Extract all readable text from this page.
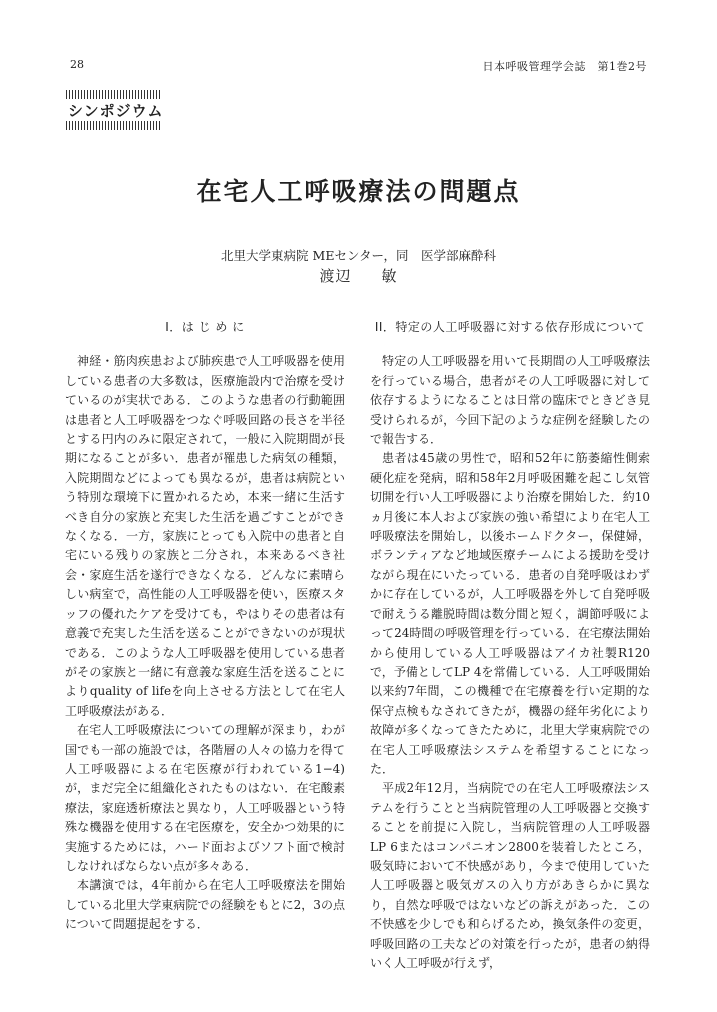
28	日本呼吸管理学会誌　第1巻2号
シンポジウム
在宅人工呼吸療法の問題点
北里大学東病院 MEセンター，同　医学部麻酔科
渡辺 敏
I．は じ め に

神経・筋肉疾患および肺疾患で人工呼吸器を使用している患者の大多数は，医療施設内で治療を受けているのが実状である．このような患者の行動範囲は患者と人工呼吸器をつなぐ呼吸回路の長さを半径とする円内のみに限定されて，一般に入院期間が長期になることが多い．患者が罹患した病気の種類，入院期間などによっても異なるが，患者は病院という特別な環境下に置かれるため，本来一緒に生活すべき自分の家族と充実した生活を過ごすことができなくなる．一方，家族にとっても入院中の患者と自宅にいる残りの家族と二分され，本来あるべき社会・家庭生活を遂行できなくなる．どんなに素晴らしい病室で，高性能の人工呼吸器を使い，医療スタッフの優れたケアを受けても，やはりその患者は有意義で充実した生活を送ることができないのが現状である．このような人工呼吸器を使用している患者がその家族と一緒に有意義な家庭生活を送ることによりquality of lifeを向上させる方法として在宅人工呼吸療法がある．

在宅人工呼吸療法についての理解が深まり，わが国でも一部の施設では，各階層の人々の協力を得て人工呼吸器による在宅医療が行われている1−4)が，まだ完全に組織化されたものはない．在宅酸素療法，家庭透析療法と異なり，人工呼吸器という特殊な機器を使用する在宅医療を，安全かつ効果的に実施するためには，ハード面およびソフト面で検討しなければならない点が多々ある．

本講演では，4年前から在宅人工呼吸療法を開始している北里大学東病院での経験をもとに2，3の点について問題提起をする．

II．特定の人工呼吸器に対する依存形成について

特定の人工呼吸器を用いて長期間の人工呼吸療法を行っている場合，患者がその人工呼吸器に対して依存するようになることは日常の臨床でときどき見受けられるが，今回下記のような症例を経験したので報告する．

患者は45歳の男性で，昭和52年に筋萎縮性側索硬化症を発病，昭和58年2月呼吸困難を起こし気管切開を行い人工呼吸器により治療を開始した．約10ヵ月後に本人および家族の強い希望により在宅人工呼吸療法を開始し，以後ホームドクター，保健婦，ボランティアなど地域医療チームによる援助を受けながら現在にいたっている．患者の自発呼吸はわずかに存在しているが，人工呼吸器を外して自発呼吸で耐えうる離脱時間は数分間と短く，調節呼吸によって24時間の呼吸管理を行っている．在宅療法開始から使用している人工呼吸器はアイカ社製R120で，予備としてLP 4を常備している．人工呼吸開始以来約7年間，この機種で在宅療養を行い定期的な保守点検もなされてきたが，機器の経年劣化により故障が多くなってきたために，北里大学東病院での在宅人工呼吸療法システムを希望することになった．

平成2年12月，当病院での在宅人工呼吸療法システムを行うことと当病院管理の人工呼吸器と交換することを前提に入院し，当病院管理の人工呼吸器LP 6またはコンパニオン2800を装着したところ，吸気時において不快感があり，今まで使用していた人工呼吸器と吸気ガスの入り方があきらかに異なり，自然な呼吸ではないなどの訴えがあった．この不快感を少しでも和らげるため，換気条件の変更，呼吸回路の工夫などの対策を行ったが，患者の納得いく人工呼吸が行えず，
